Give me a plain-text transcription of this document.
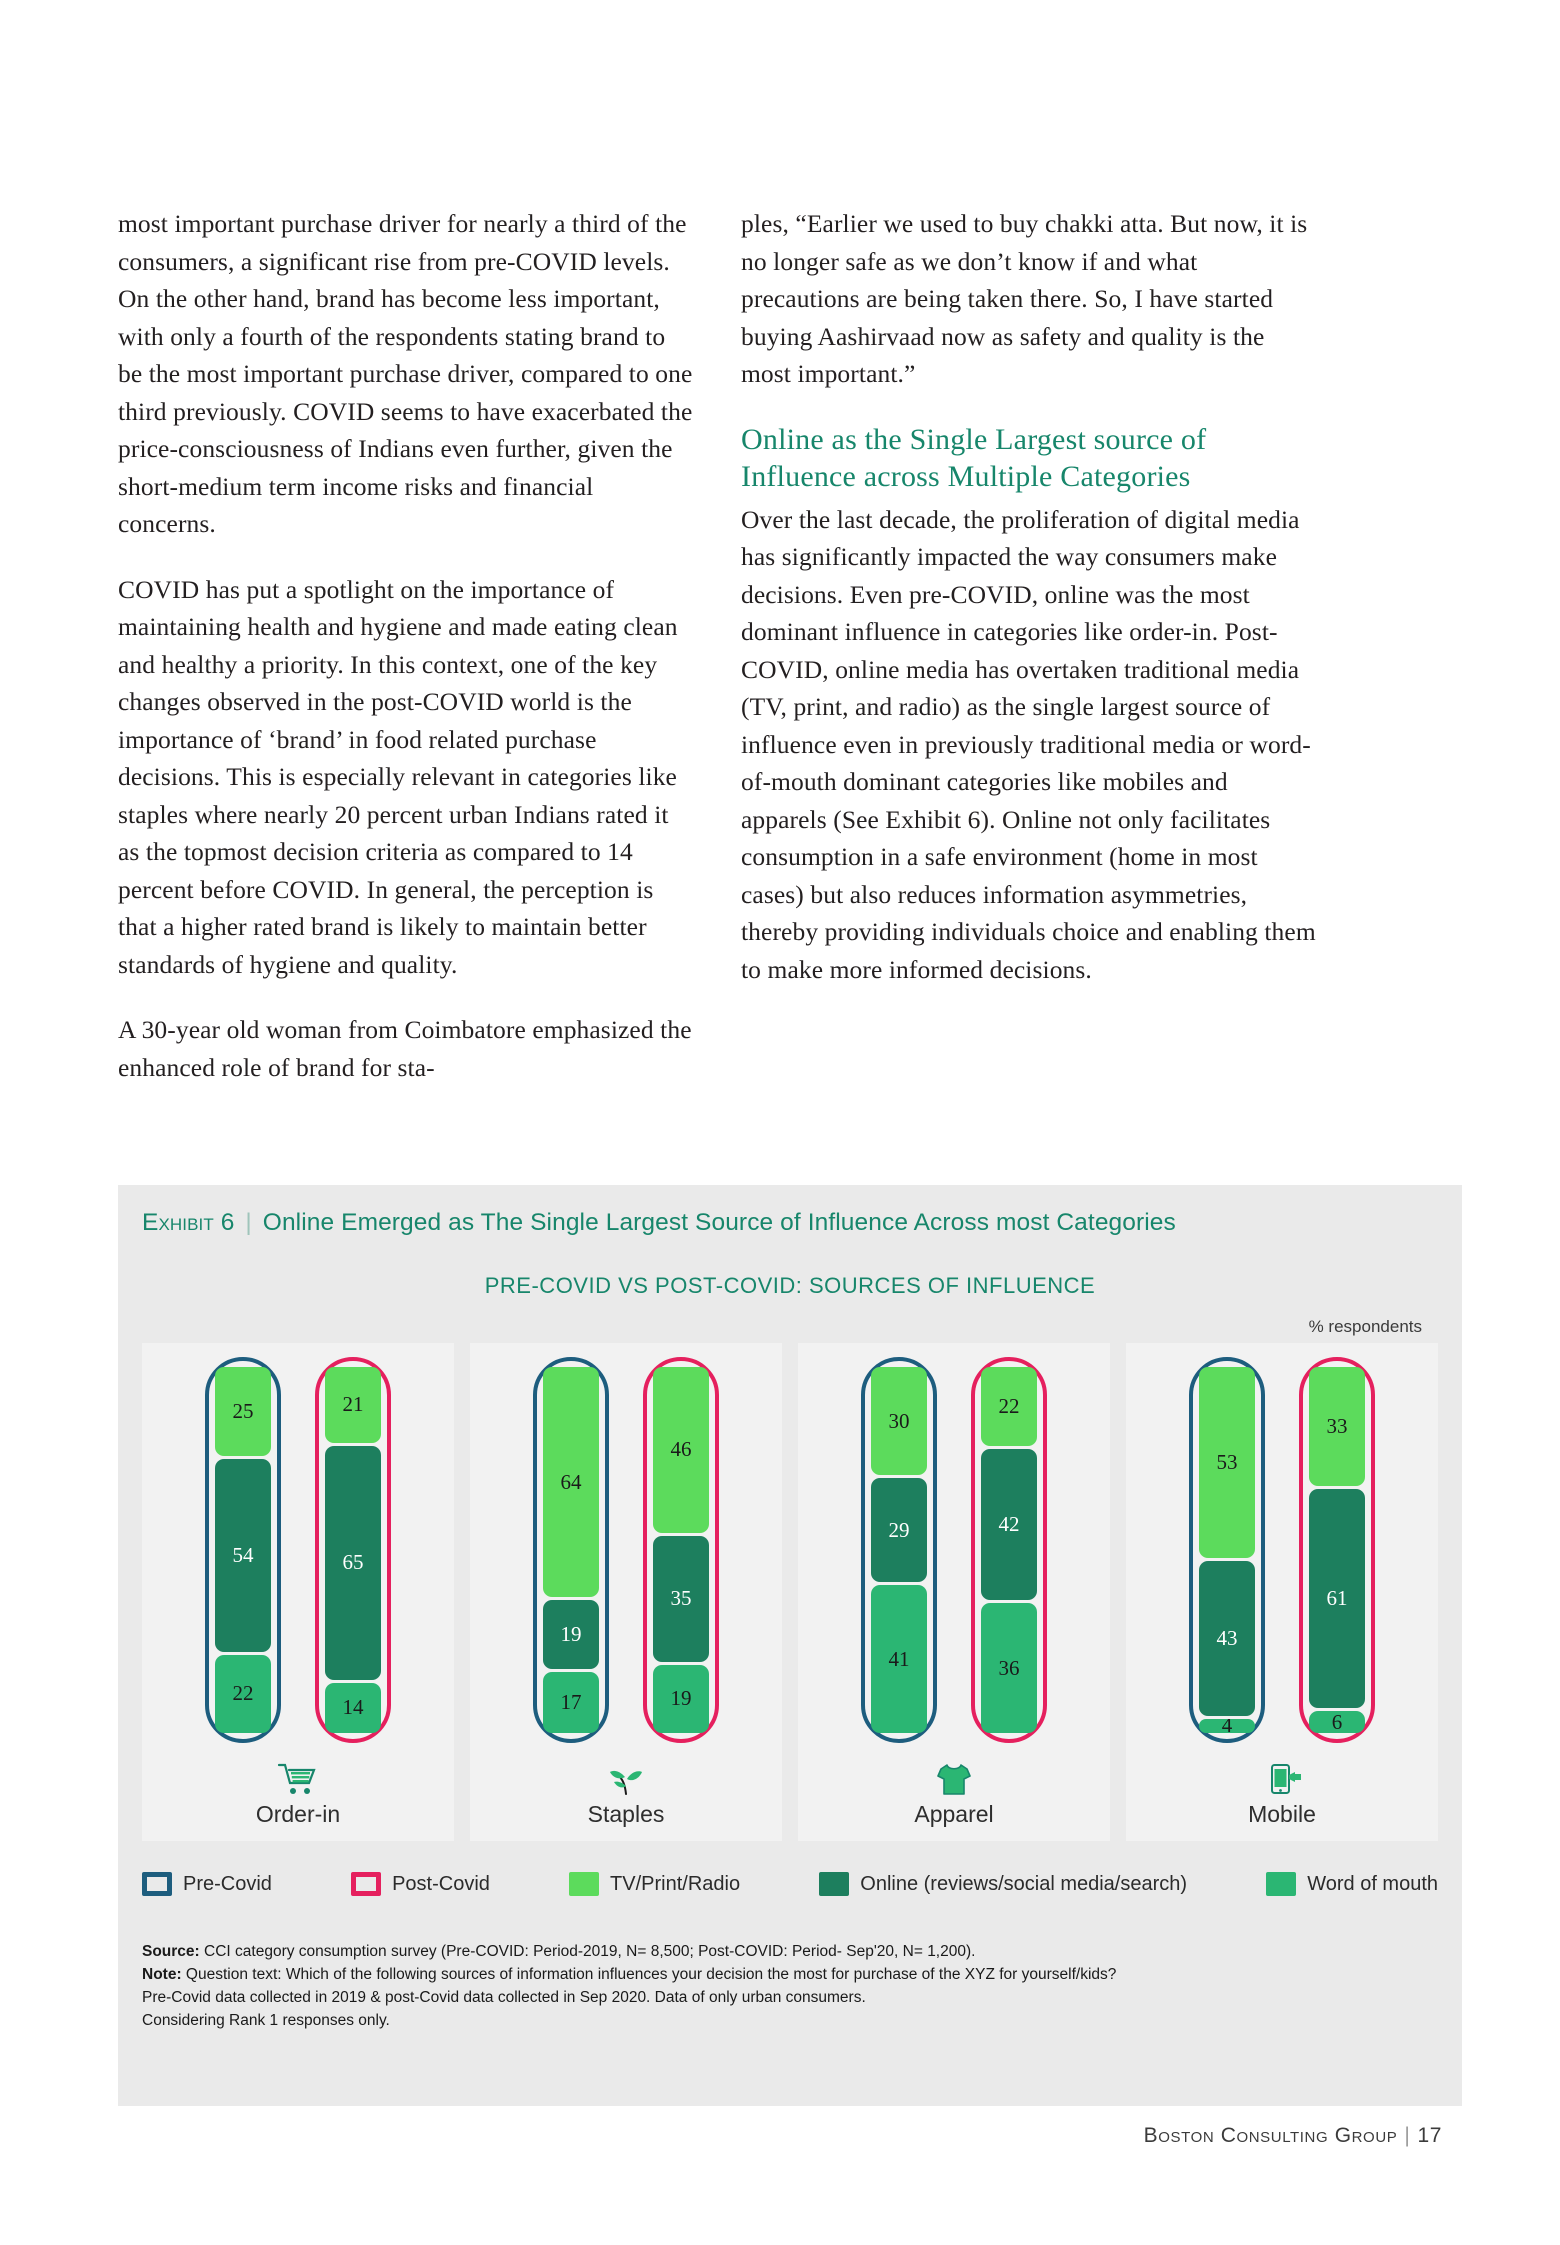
most important purchase driver for nearly a third of the consumers, a significant rise from pre-COVID levels. On the other hand, brand has become less important, with only a fourth of the respondents stating brand to be the most important purchase driver, compared to one third previously. COVID seems to have exacerbated the price-consciousness of Indians even further, given the short-medium term income risks and financial concerns.

COVID has put a spotlight on the importance of maintaining health and hygiene and made eating clean and healthy a priority. In this context, one of the key changes observed in the post-COVID world is the importance of ‘brand’ in food related purchase decisions. This is especially relevant in categories like staples where nearly 20 percent urban Indians rated it as the topmost decision criteria as compared to 14 percent before COVID. In general, the perception is that a higher rated brand is likely to maintain better standards of hygiene and quality.

A 30-year old woman from Coimbatore emphasized the enhanced role of brand for sta-

ples, “Earlier we used to buy chakki atta. But now, it is no longer safe as we don’t know if and what precautions are being taken there. So, I have started buying Aashirvaad now as safety and quality is the most important.”

Online as the Single Largest source of Influence across Multiple Categories

Over the last decade, the proliferation of digital media has significantly impacted the way consumers make decisions. Even pre-COVID, online was the most dominant influence in categories like order-in. Post-COVID, online media has overtaken traditional media (TV, print, and radio) as the single largest source of influence even in previously traditional media or word-of-mouth dominant categories like mobiles and apparels (See Exhibit 6). Online not only facilitates consumption in a safe environment (home in most cases) but also reduces information asymmetries, thereby providing individuals choice and enabling them to make more informed decisions.

Exhibit 6 | Online Emerged as The Single Largest Source of Influence Across most Categories
PRE-COVID VS POST-COVID: SOURCES OF INFLUENCE
% respondents
25
54
22
21
65
14
Order-in
64
19
17
46
35
19
Staples
30
29
41
22
42
36
Apparel
53
43
4
33
61
6
Mobile
Pre-Covid	Post-Covid	TV/Print/Radio	Online (reviews/social media/search)	Word of mouth
Source: CCI category consumption survey (Pre-COVID: Period-2019, N= 8,500; Post-COVID: Period- Sep'20, N= 1,200).
Note: Question text: Which of the following sources of information influences your decision the most for purchase of the XYZ for yourself/kids?
Pre-Covid data collected in 2019 & post-Covid data collected in Sep 2020. Data of only urban consumers.
Considering Rank 1 responses only.
Boston Consulting Group | 17
